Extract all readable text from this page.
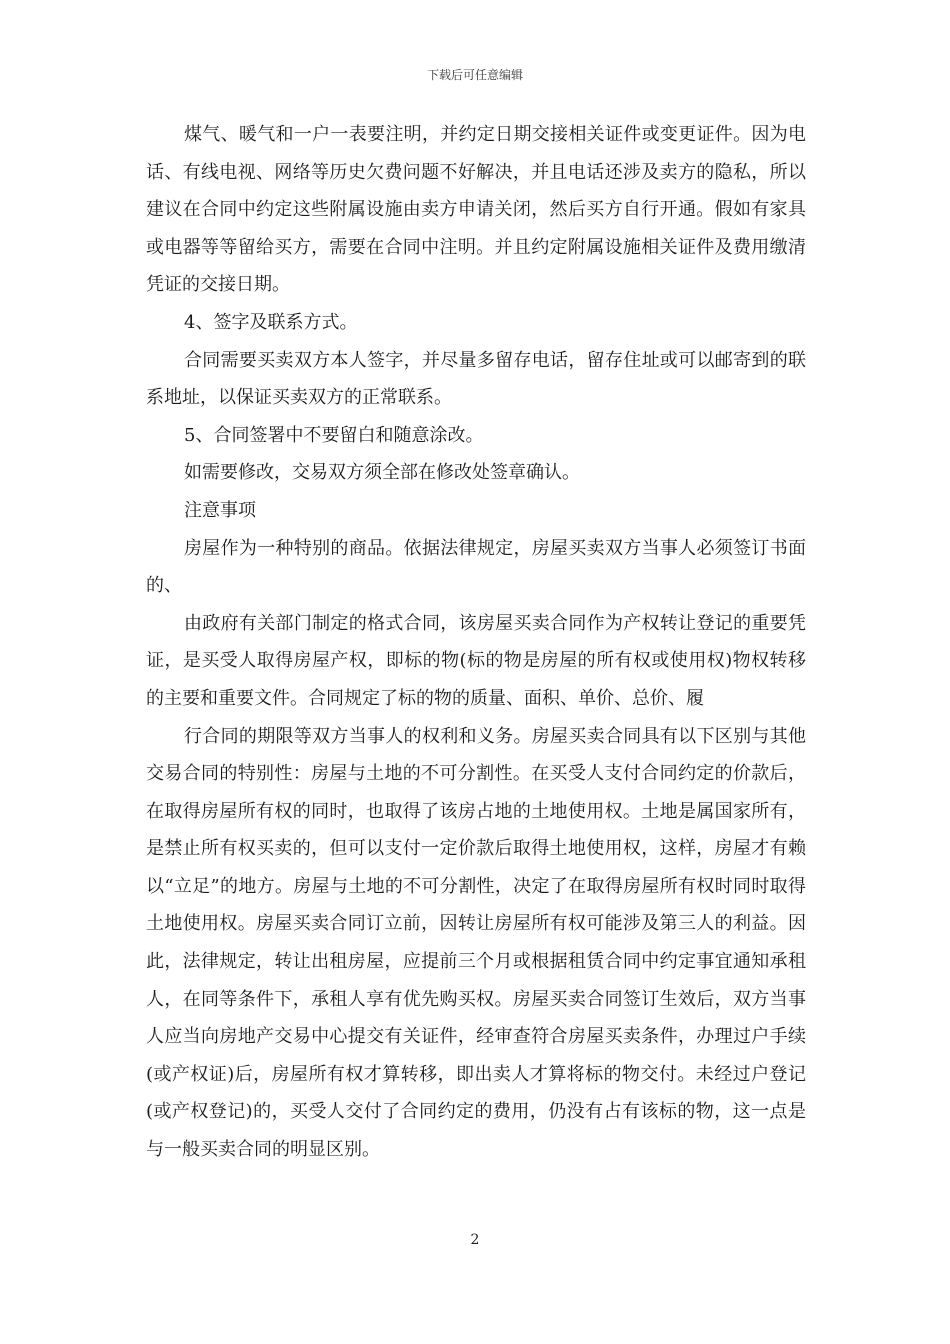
下载后可任意编辑

煤气、暖气和一户一表要注明，并约定日期交接相关证件或变更证件。因为电话、有线电视、网络等历史欠费问题不好解决，并且电话还涉及卖方的隐私，所以建议在合同中约定这些附属设施由卖方申请关闭，然后买方自行开通。假如有家具或电器等等留给买方，需要在合同中注明。并且约定附属设施相关证件及费用缴清凭证的交接日期。

4、签字及联系方式。

合同需要买卖双方本人签字，并尽量多留存电话，留存住址或可以邮寄到的联系地址，以保证买卖双方的正常联系。

5、合同签署中不要留白和随意涂改。

如需要修改，交易双方须全部在修改处签章确认。

注意事项

房屋作为一种特别的商品。依据法律规定，房屋买卖双方当事人必须签订书面的、

由政府有关部门制定的格式合同，该房屋买卖合同作为产权转让登记的重要凭证，是买受人取得房屋产权，即标的物(标的物是房屋的所有权或使用权)物权转移的主要和重要文件。合同规定了标的物的质量、面积、单价、总价、履

行合同的期限等双方当事人的权利和义务。房屋买卖合同具有以下区别与其他交易合同的特别性：房屋与土地的不可分割性。在买受人支付合同约定的价款后，在取得房屋所有权的同时，也取得了该房占地的土地使用权。土地是属国家所有，是禁止所有权买卖的，但可以支付一定价款后取得土地使用权，这样，房屋才有赖以“立足”的地方。房屋与土地的不可分割性，决定了在取得房屋所有权时同时取得土地使用权。房屋买卖合同订立前，因转让房屋所有权可能涉及第三人的利益。因此，法律规定，转让出租房屋，应提前三个月或根据租赁合同中约定事宜通知承租人，在同等条件下，承租人享有优先购买权。房屋买卖合同签订生效后，双方当事人应当向房地产交易中心提交有关证件，经审查符合房屋买卖条件，办理过户手续(或产权证)后，房屋所有权才算转移，即出卖人才算将标的物交付。未经过户登记(或产权登记)的，买受人交付了合同约定的费用，仍没有占有该标的物，这一点是与一般买卖合同的明显区别。

2
